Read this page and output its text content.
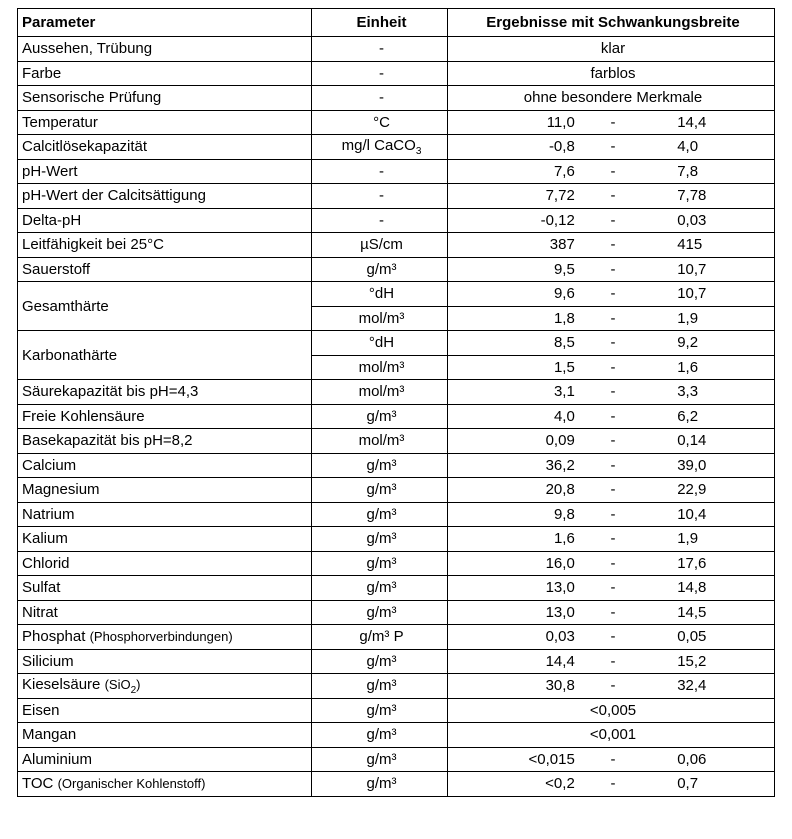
Parameter	Einheit	Ergebnisse mit Schwankungsbreite
Aussehen, Trübung	-	klar

Farbe	-	farblos

Sensorische Prüfung	-	ohne besondere Merkmale

Temperatur	°C	11,0 - 14,4

Calcitlösekapazität	mg/l CaCO$_3$	-0,8 - 4,0

pH-Wert	-	7,6 - 7,8

pH-Wert der Calcitsättigung	-	7,72 - 7,78

Delta-pH	-	-0,12 - 0,03

Leitfähigkeit bei 25°C	µS/cm	387 - 415

Sauerstoff	g/m³	9,5 - 10,7

Gesamthärte	°dH	9,6 - 10,7

	mol/m³	1,8 - 1,9

Karbonathärte	°dH	8,5 - 9,2

	mol/m³	1,5 - 1,6

Säurekapazität bis pH=4,3	mol/m³	3,1 - 3,3

Freie Kohlensäure	g/m³	4,0 - 6,2

Basekapazität bis pH=8,2	mol/m³	0,09 - 0,14

Calcium	g/m³	36,2 - 39,0

Magnesium	g/m³	20,8 - 22,9

Natrium	g/m³	9,8 - 10,4

Kalium	g/m³	1,6 - 1,9

Chlorid	g/m³	16,0 - 17,6

Sulfat	g/m³	13,0 - 14,8

Nitrat	g/m³	13,0 - 14,5

Phosphat (Phosphorverbindungen)	g/m³ P	0,03 - 0,05

Silicium	g/m³	14,4 - 15,2

Kieselsäure (SiO$_2$)	g/m³	30,8 - 32,4

Eisen	g/m³	<0,005

Mangan	g/m³	<0,001

Aluminium	g/m³	<0,015 - 0,06

TOC (Organischer Kohlenstoff)	g/m³	<0,2 - 0,7
